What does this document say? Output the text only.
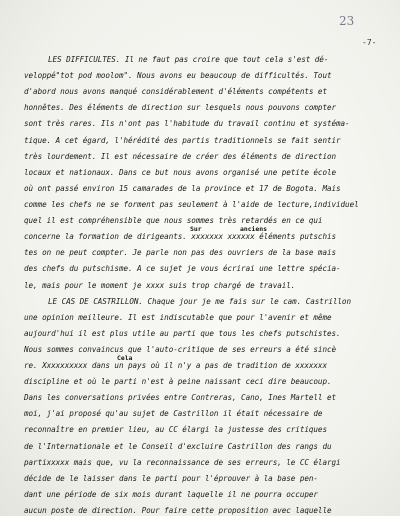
23
-7-
Sur	anciens
Cela
LES DIFFICULTES. Il ne faut pas croire que tout cela s'est dé-
veloppé"tot pod moolom". Nous avons eu beaucoup de difficultés. Tout
d'abord nous avons manqué considérablement d'éléments compétents et
honnêtes. Des éléments de direction sur lesquels nous pouvons compter
sont très rares. Ils n'ont pas l'habitude du travail continu et systéma-
tique. A cet égard, l'hérédité des partis traditionnels se fait sentir
très lourdement. Il est nécessaire de créer des éléments de direction
locaux et nationaux. Dans ce but nous avons organisé une petite école
où ont passé environ 15 camarades de la province et 17 de Bogota. Mais
comme les chefs ne se forment pas seulement à l'aide de lecture,individuel
quel il est compréhensible que nous sommes très retardés en ce qui
concerne la formation de dirigeants. xxxxxxx xxxxxx éléments putschis
tes on ne peut compter. Je parle non pas des ouvriers de la base mais
des chefs du putschisme. A ce sujet je vous écrirai une lettre spécia-
le, mais pour le moment je xxxx suis trop chargé de travail.
LE CAS DE CASTRILLON. Chaque jour je me fais sur le cam. Castrillon
une opinion meilleure. Il est indiscutable que pour l'avenir et même
aujourd'hui il est plus utile au parti que tous les chefs putschistes.
Nous sommes convaincus que l'auto-critique de ses erreurs a été sincè
re. Xxxxxxxxxx dans un pays où il n'y a pas de tradition de xxxxxxx
discipline et où le parti n'est à peine naissant ceci dire beaucoup.
Dans les conversations privées entre Contreras, Cano, Ines Martell et
moi, j'ai proposé qu'au sujet de Castrillon il était nécessaire de
reconnaître en premier lieu, au CC élargi la justesse des critiques
de l'Internationale et le Conseil d'excluire Castrillon des rangs du
partixxxxx mais que, vu la reconnaissance de ses erreurs, le CC élargi
décide de le laisser dans le parti pour l'éprouver à la base pen-
dant une période de six mois durant laquelle il ne pourra occuper
aucun poste de direction. Pour faire cette proposition avec laquelle
